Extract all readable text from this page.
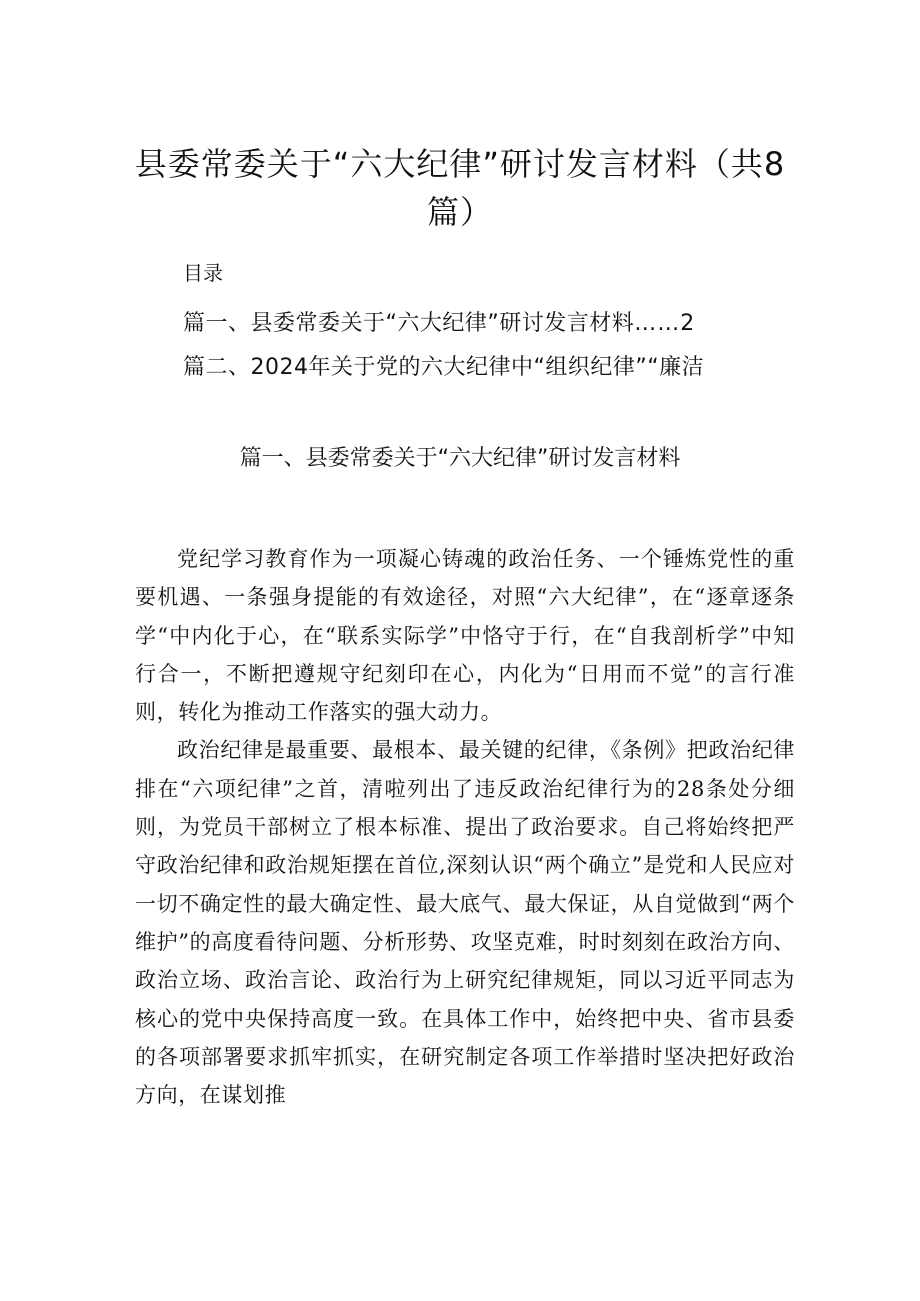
县委常委关于“六大纪律”研讨发言材料（共8篇）
目录
篇一、县委常委关于“六大纪律”研讨发言材料……2
篇二、2024年关于党的六大纪律中“组织纪律”“廉洁
篇一、县委常委关于“六大纪律”研讨发言材料

党纪学习教育作为一项凝心铸魂的政治任务、一个锤炼党性的重要机遇、一条强身提能的有效途径，对照“六大纪律”，在“逐章逐条学“中内化于心，在“联系实际学”中恪守于行，在“自我剖析学”中知行合一，不断把遵规守纪刻印在心，内化为“日用而不觉”的言行准则，转化为推动工作落实的强大动力。

政治纪律是最重要、最根本、最关键的纪律，《条例》把政治纪律排在“六项纪律”之首，清啦列出了违反政治纪律行为的28条处分细则，为党员干部树立了根本标准、提出了政治要求。自己将始终把严守政治纪律和政治规矩摆在首位,深刻认识“两个确立”是党和人民应对一切不确定性的最大确定性、最大底气、最大保证，从自觉做到“两个维护”的高度看待问题、分析形势、攻坚克难，时时刻刻在政治方向、政治立场、政治言论、政治行为上研究纪律规矩，同以习近平同志为核心的党中央保持高度一致。在具体工作中，始终把中央、省市县委的各项部署要求抓牢抓实，在研究制定各项工作举措时坚决把好政治方向，在谋划推
